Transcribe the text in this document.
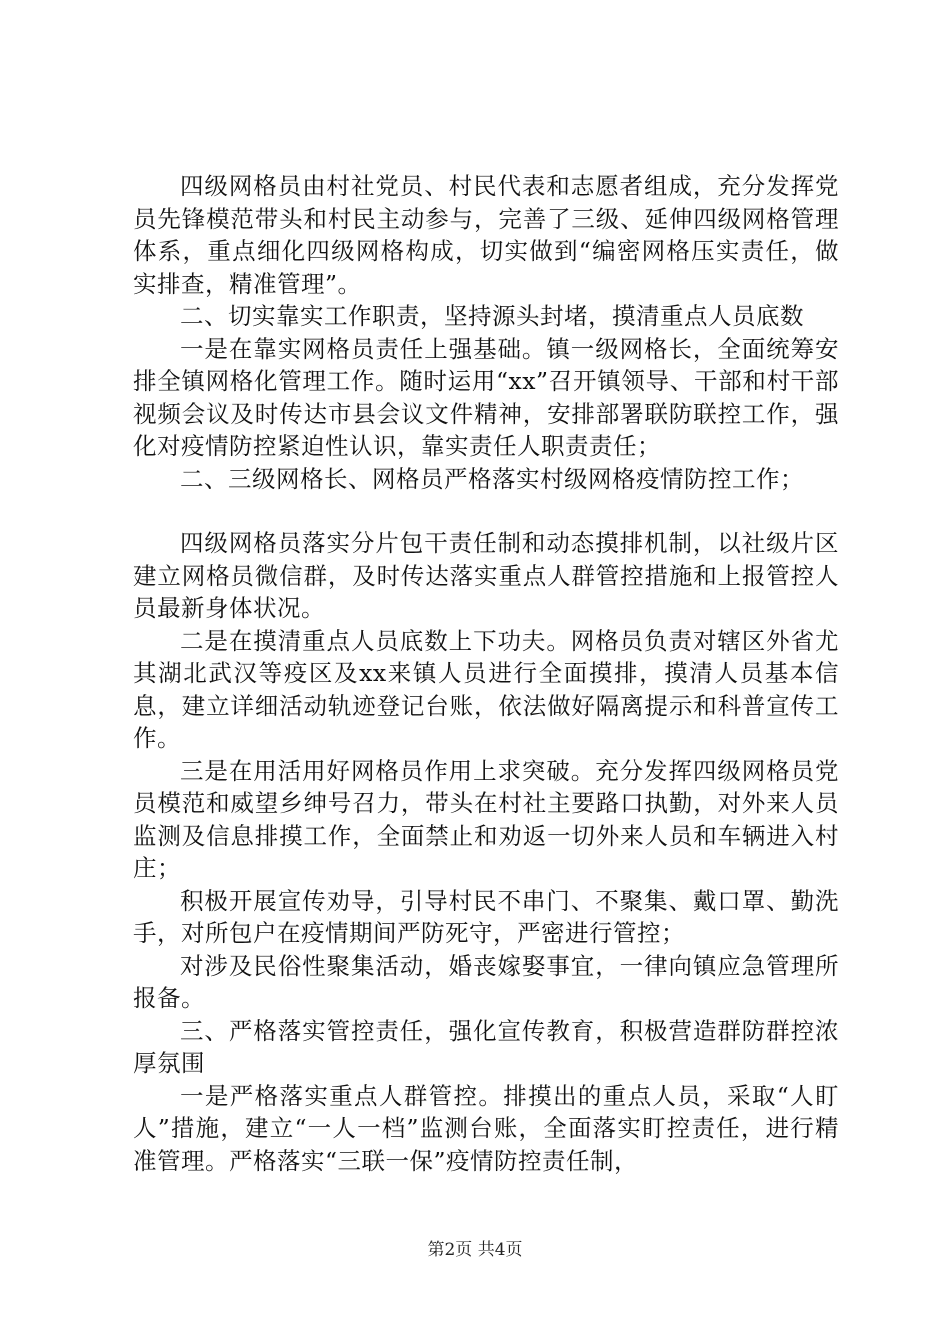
四级网格员由村社党员、村民代表和志愿者组成，充分发挥党员先锋模范带头和村民主动参与，完善了三级、延伸四级网格管理体系，重点细化四级网格构成，切实做到“编密网格压实责任，做实排查，精准管理”。

二、切实靠实工作职责，坚持源头封堵，摸清重点人员底数

一是在靠实网格员责任上强基础。镇一级网格长，全面统筹安排全镇网格化管理工作。随时运用“xx”召开镇领导、干部和村干部视频会议及时传达市县会议文件精神，安排部署联防联控工作，强化对疫情防控紧迫性认识，靠实责任人职责责任；

二、三级网格长、网格员严格落实村级网格疫情防控工作；

四级网格员落实分片包干责任制和动态摸排机制，以社级片区建立网格员微信群，及时传达落实重点人群管控措施和上报管控人员最新身体状况。

二是在摸清重点人员底数上下功夫。网格员负责对辖区外省尤其湖北武汉等疫区及xx来镇人员进行全面摸排，摸清人员基本信息，建立详细活动轨迹登记台账，依法做好隔离提示和科普宣传工作。

三是在用活用好网格员作用上求突破。充分发挥四级网格员党员模范和威望乡绅号召力，带头在村社主要路口执勤，对外来人员监测及信息排摸工作，全面禁止和劝返一切外来人员和车辆进入村庄；

积极开展宣传劝导，引导村民不串门、不聚集、戴口罩、勤洗手，对所包户在疫情期间严防死守，严密进行管控；

对涉及民俗性聚集活动，婚丧嫁娶事宜，一律向镇应急管理所报备。

三、严格落实管控责任，强化宣传教育，积极营造群防群控浓厚氛围

一是严格落实重点人群管控。排摸出的重点人员，采取“人盯人”措施，建立“一人一档”监测台账，全面落实盯控责任，进行精准管理。严格落实“三联一保”疫情防控责任制，

第2页 共4页
